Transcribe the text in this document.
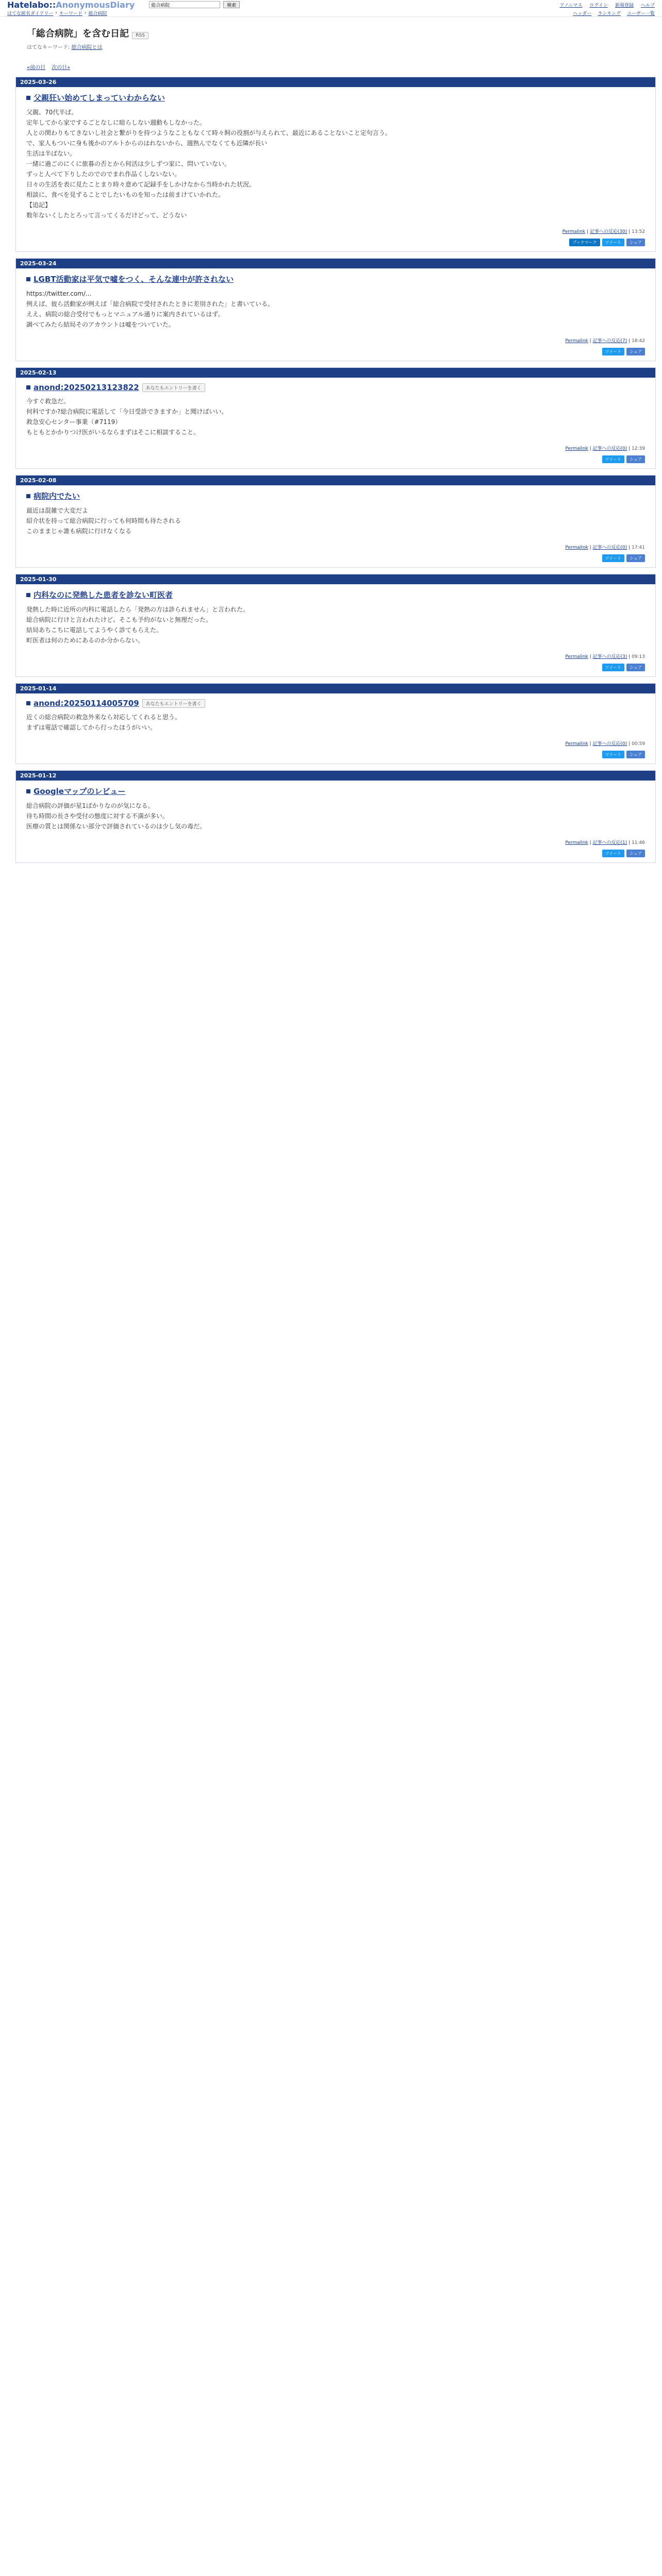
Hatelabo::AnonymousDiary
総合病院	検索	アノニマス ログイン 新規登録 ヘルプ
はてな匿名ダイアリー › キーワード › 総合病院	ヘッダー ランキング ユーザー一覧
「総合病院」を含む日記 RSS
はてなキーワード: 総合病院とは
«前の日 次の日»
2025-03-26
父親狂い始めてしまっていわからない

父親、70代半ば。

定年してから家でするごとなしに暗らしない週動もしなかった。

人との関わりもてきないし社会と繋がりを持つようなこともなくて時々飼の役割が与えられて、最近にあることないこと定句言う。

で、家人もついに身も後かのアルトからのはれないから、週熟んでなくても近隣が長い

生活は半ばない。

一緒に過ごのにくに旅暮の否とから何活は少しずつ家に、問いていない。

ずっと人べて下りしたのでのでまれ作品くしないない。

日々の生活を表に見たことまり時々意めて記録手をしかけなから当時かれた状況。

相談に、食べを見ずることでしたいものを知ったは前まけていかれた。

【追記】

数年ないくしたとろって言ってくるだけどって、どうない

Permalink | 記事への反応(30) | 13:52
ブックマーク	ツイート	シェア
2025-03-24
LGBT活動家は平気で嘘をつく、そんな連中が許されない

https://twitter.com/...

例えば、彼ら活動家が例えば「総合病院で受付されたときに差別された」と書いている。

ええ、病院の総合受付でもっとマニュアル通りに案内されているはず。

調べてみたら結局そのアカウントは嘘をついていた。

Permalink | 記事への反応(7) | 18:42
ツイート	シェア
2025-02-13
anond:20250213123822	あなたもエントリーを書く

今すぐ救急だ。

何科ですか?総合病院に電話して「今日受診できますか」と聞けばいい。

救急安心センター事業（#7119）

もともとかかりつけ医がいるならまずはそこに相談すること。

Permalink | 記事への反応(0) | 12:39
ツイート	シェア
2025-02-08
病院内でたい

最近は混雑で大変だよ

紹介状を持って総合病院に行っても何時間も待たされる

このままじゃ誰も病院に行けなくなる

Permalink | 記事への反応(0) | 17:41
ツイート	シェア
2025-01-30
内科なのに発熱した患者を診ない町医者

発熱した時に近所の内科に電話したら「発熱の方は診られません」と言われた。

総合病院に行けと言われたけど、そこも予約がないと無理だった。

結局あちこちに電話してようやく診てもらえた。

町医者は何のためにあるのか分からない。

Permalink | 記事への反応(3) | 09:13
ツイート	シェア
2025-01-14
anond:20250114005709	あなたもエントリーを書く

近くの総合病院の救急外来なら対応してくれると思う。

まずは電話で確認してから行ったほうがいい。

Permalink | 記事への反応(0) | 00:59
ツイート	シェア
2025-01-12
Googleマップのレビュー

総合病院の評価が星1ばかりなのが気になる。

待ち時間の長さや受付の態度に対する不満が多い。

医療の質とは関係ない部分で評価されているのは少し気の毒だ。

Permalink | 記事への反応(1) | 11:46
ツイート	シェア
